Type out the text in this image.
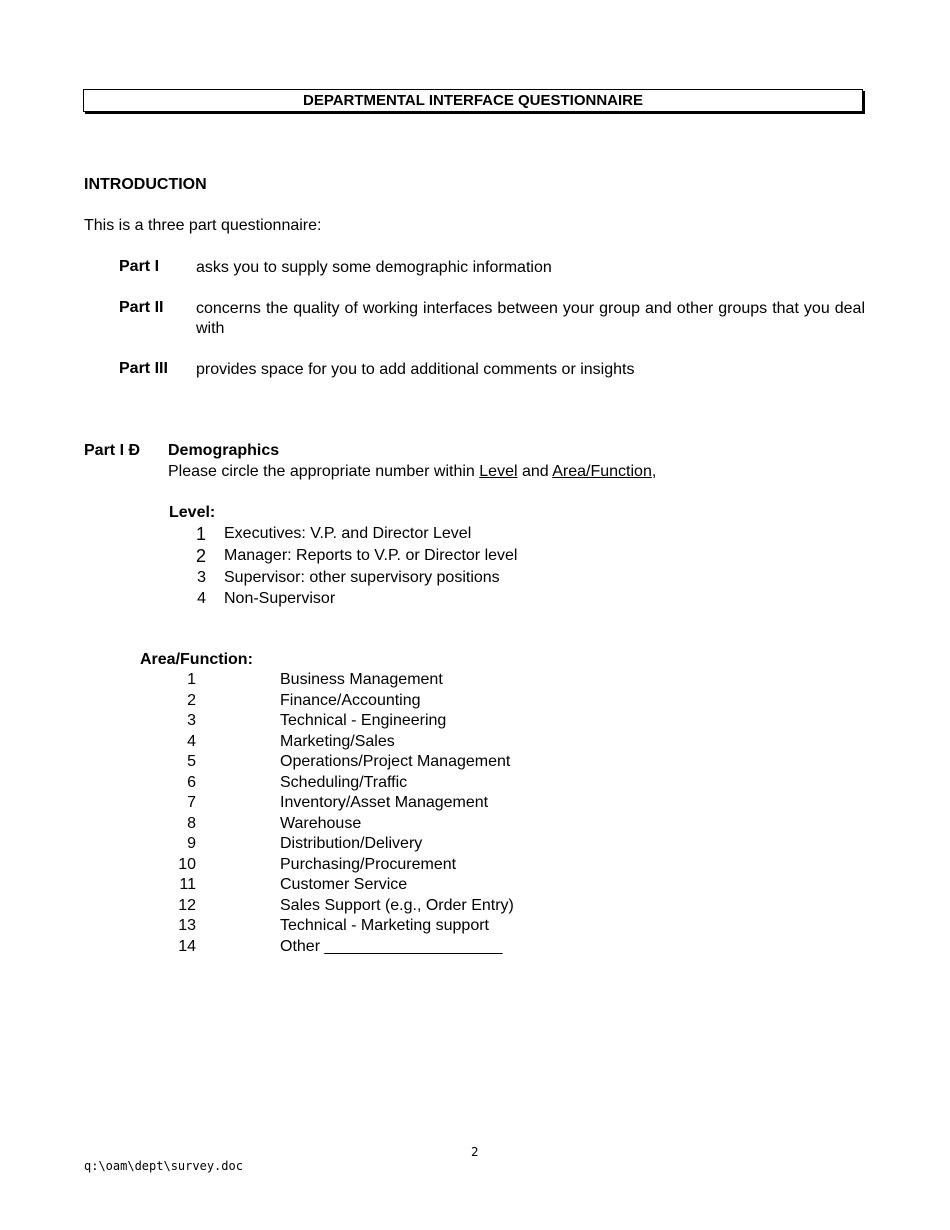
DEPARTMENTAL INTERFACE QUESTIONNAIRE
INTRODUCTION
This is a three part questionnaire:
Part I asks you to supply some demographic information
Part II concerns the quality of working interfaces between your group and other groups that you deal with
Part III provides space for you to add additional comments or insights
Part I Ð Demographics
Please circle the appropriate number within Level and Area/Function,
Level:
1 Executives: V.P. and Director Level
2 Manager: Reports to V.P. or Director level
3 Supervisor: other supervisory positions
4 Non-Supervisor
Area/Function:
1	Business Management
2	Finance/Accounting
3	Technical - Engineering
4	Marketing/Sales
5	Operations/Project Management
6	Scheduling/Traffic
7	Inventory/Asset Management
8	Warehouse
9	Distribution/Delivery
10	Purchasing/Procurement
11	Customer Service
12	Sales Support (e.g., Order Entry)
13	Technical - Marketing support
14	Other ____________________
2
q:\oam\dept\survey.doc
